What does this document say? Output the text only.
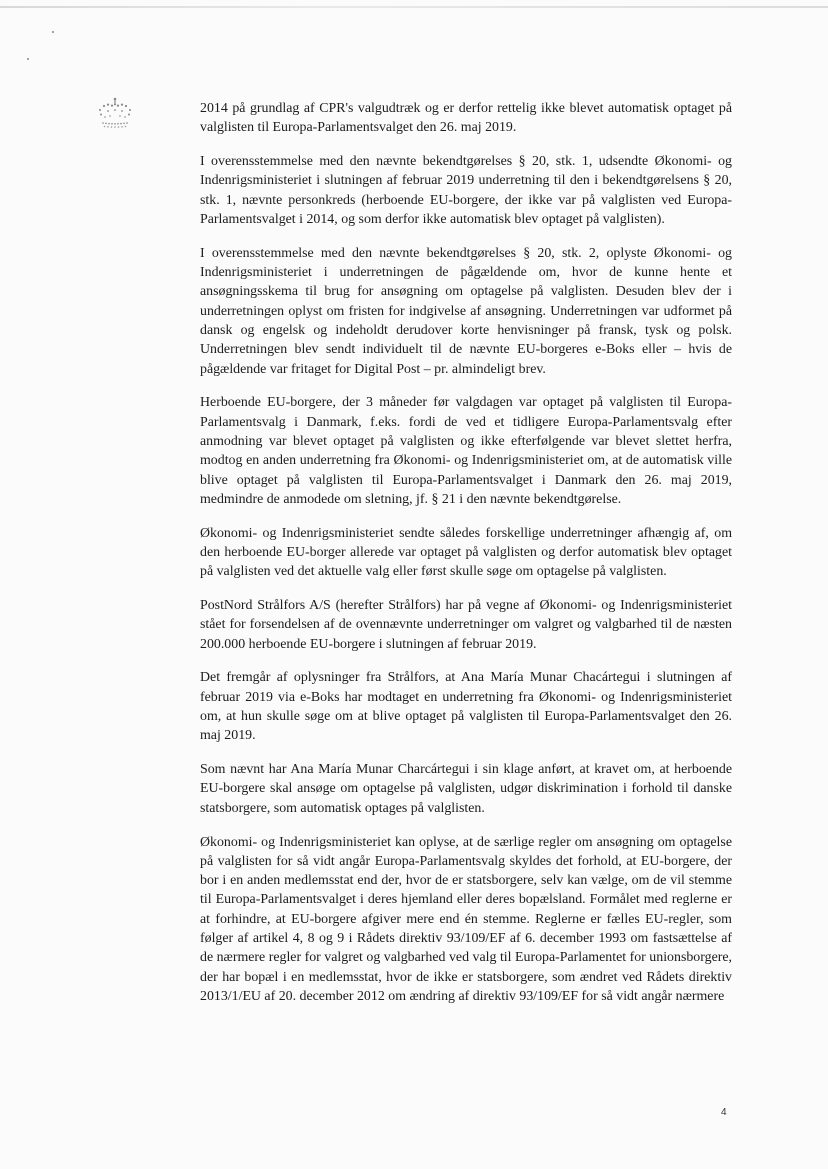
2014 på grundlag af CPR's valgudtræk og er derfor rettelig ikke blevet automatisk optaget på valglisten til Europa-Parlamentsvalget den 26. maj 2019.

I overensstemmelse med den nævnte bekendtgørelses § 20, stk. 1, udsendte Økonomi- og Indenrigsministeriet i slutningen af februar 2019 underretning til den i bekendtgørelsens § 20, stk. 1, nævnte personkreds (herboende EU-borgere, der ikke var på valglisten ved Europa-Parlamentsvalget i 2014, og som derfor ikke automatisk blev optaget på valglisten).

I overensstemmelse med den nævnte bekendtgørelses § 20, stk. 2, oplyste Økonomi- og Indenrigsministeriet i underretningen de pågældende om, hvor de kunne hente et ansøgningsskema til brug for ansøgning om optagelse på valglisten. Desuden blev der i underretningen oplyst om fristen for indgivelse af ansøgning. Underretningen var udformet på dansk og engelsk og indeholdt derudover korte henvisninger på fransk, tysk og polsk. Underretningen blev sendt individuelt til de nævnte EU-borgeres e-Boks eller – hvis de pågældende var fritaget for Digital Post – pr. almindeligt brev.

Herboende EU-borgere, der 3 måneder før valgdagen var optaget på valglisten til Europa-Parlamentsvalg i Danmark, f.eks. fordi de ved et tidligere Europa-Parlamentsvalg efter anmodning var blevet optaget på valglisten og ikke efterfølgende var blevet slettet herfra, modtog en anden underretning fra Økonomi- og Indenrigsministeriet om, at de automatisk ville blive optaget på valglisten til Europa-Parlamentsvalget i Danmark den 26. maj 2019, medmindre de anmodede om sletning, jf. § 21 i den nævnte bekendtgørelse.

Økonomi- og Indenrigsministeriet sendte således forskellige underretninger afhængig af, om den herboende EU-borger allerede var optaget på valglisten og derfor automatisk blev optaget på valglisten ved det aktuelle valg eller først skulle søge om optagelse på valglisten.

PostNord Strålfors A/S (herefter Strålfors) har på vegne af Økonomi- og Indenrigsministeriet stået for forsendelsen af de ovennævnte underretninger om valgret og valgbarhed til de næsten 200.000 herboende EU-borgere i slutningen af februar 2019.

Det fremgår af oplysninger fra Strålfors, at Ana María Munar Chacártegui i slutningen af februar 2019 via e-Boks har modtaget en underretning fra Økonomi- og Indenrigsministeriet om, at hun skulle søge om at blive optaget på valglisten til Europa-Parlamentsvalget den 26. maj 2019.

Som nævnt har Ana María Munar Charcártegui i sin klage anført, at kravet om, at herboende EU-borgere skal ansøge om optagelse på valglisten, udgør diskrimination i forhold til danske statsborgere, som automatisk optages på valglisten.

Økonomi- og Indenrigsministeriet kan oplyse, at de særlige regler om ansøgning om optagelse på valglisten for så vidt angår Europa-Parlamentsvalg skyldes det forhold, at EU-borgere, der bor i en anden medlemsstat end der, hvor de er statsborgere, selv kan vælge, om de vil stemme til Europa-Parlamentsvalget i deres hjemland eller deres bopælsland. Formålet med reglerne er at forhindre, at EU-borgere afgiver mere end én stemme. Reglerne er fælles EU-regler, som følger af artikel 4, 8 og 9 i Rådets direktiv 93/109/EF af 6. december 1993 om fastsættelse af de nærmere regler for valgret og valgbarhed ved valg til Europa-Parlamentet for unionsborgere, der har bopæl i en medlemsstat, hvor de ikke er statsborgere, som ændret ved Rådets direktiv 2013/1/EU af 20. december 2012 om ændring af direktiv 93/109/EF for så vidt angår nærmere

4
